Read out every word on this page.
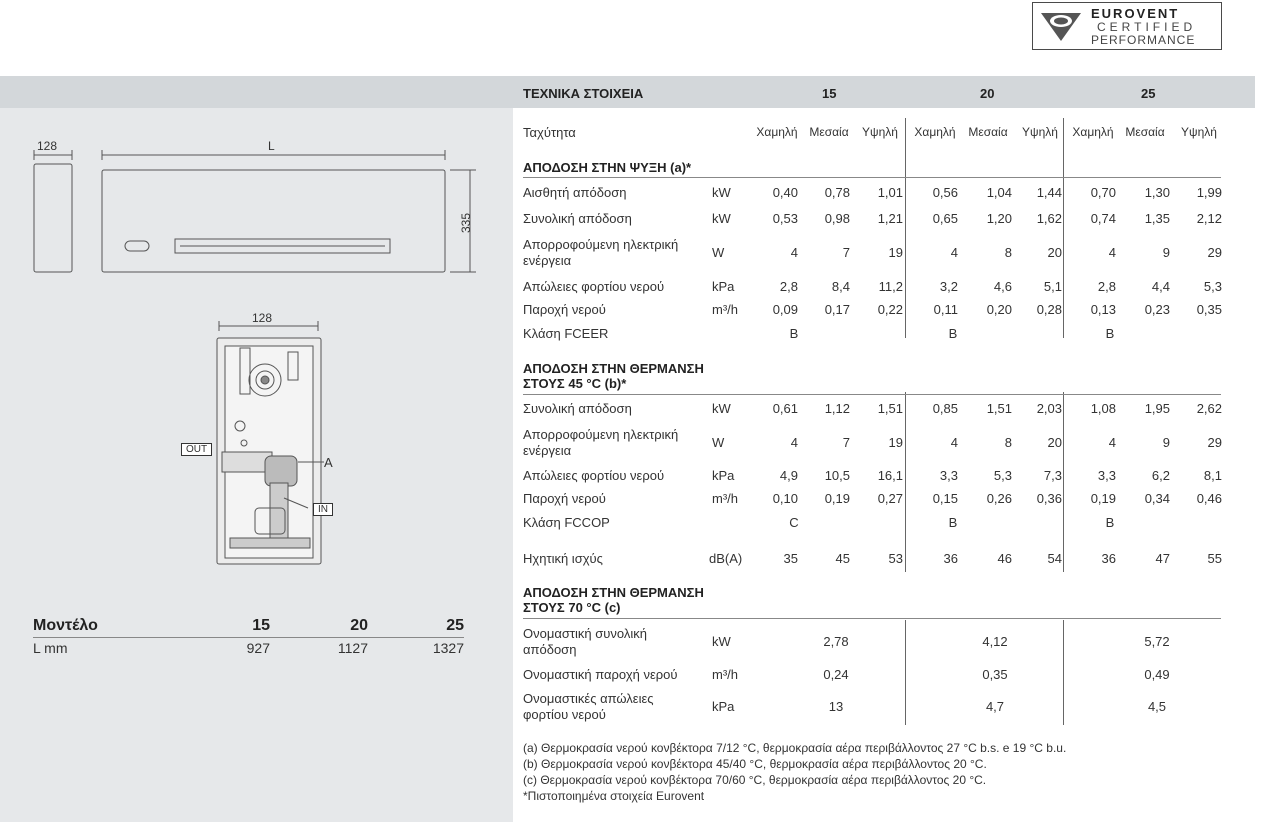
EUROVENT
CERTIFIED
PERFORMANCE
ΤΕΧΝΙΚΑ ΣΤΟΙΧΕΙΑ	15	20	25
Ταχύτητα	Χαμηλή Μεσαία	Υψηλή	Χαμηλή	Μεσαία	Υψηλή	Χαμηλή Μεσαία	Υψηλή
ΑΠΟΔΟΣΗ ΣΤΗΝ ΨΥΞΗ (a)*
Αισθητή απόδοση	kW	0,40	0,78	1,01	0,56	1,04	1,44	0,70	1,30	1,99
Συνολική απόδοση	kW	0,53	0,98	1,21	0,65	1,20	1,62	0,74	1,35	2,12
Απορροφούμενη ηλεκτρική
ενέργεια
W	4	7	19	4	8	20	4	9	29
Απώλειες φορτίου νερού	kPa	2,8	8,4	11,2	3,2	4,6	5,1	2,8	4,4	5,3
Παροχή νερού	m³/h	0,09	0,17	0,22	0,11	0,20	0,28	0,13	0,23	0,35
Κλάση FCEER	B	B	B
ΑΠΟΔΟΣΗ ΣΤΗΝ ΘΕΡΜΑΝΣΗ
ΣΤΟΥΣ 45 °C (b)*
Συνολική απόδοση	kW	0,61	1,12	1,51	0,85	1,51	2,03	1,08	1,95	2,62
Απορροφούμενη ηλεκτρική
ενέργεια
W	4	7	19	4	8	20	4	9	29
Απώλειες φορτίου νερού	kPa	4,9	10,5	16,1	3,3	5,3	7,3	3,3	6,2	8,1
Παροχή νερού	m³/h	0,10	0,19	0,27	0,15	0,26	0,36	0,19	0,34	0,46
Κλάση FCCOP	C	B	B
Ηχητική ισχύς	dB(A)	35	45	53	36	46	54	36	47	55
ΑΠΟΔΟΣΗ ΣΤΗΝ ΘΕΡΜΑΝΣΗ
ΣΤΟΥΣ 70 °C (c)
Ονομαστική συνολική
απόδοση
kW	2,78	4,12	5,72
Ονομαστική παροχή νερού	m³/h	0,24	0,35	0,49
Ονομαστικές απώλειες
φορτίου νερού
kPa	13	4,7	4,5
(a) Θερμοκρασία νερού κονβέκτορα 7/12 °C, θερμοκρασία αέρα περιβάλλοντος 27 °C b.s. e 19 °C b.u.
(b) Θερμοκρασία νερού κονβέκτορα 45/40 °C, θερμοκρασία αέρα περιβάλλοντος 20 °C.
(c) Θερμοκρασία νερού κονβέκτορα 70/60 °C, θερμοκρασία αέρα περιβάλλοντος 20 °C.
*Πιστοποιημένα στοιχεία Eurovent
128	L
335
128
OUT
IN
A
Μοντέλο	15	20	25
L mm	927	1127	1327
